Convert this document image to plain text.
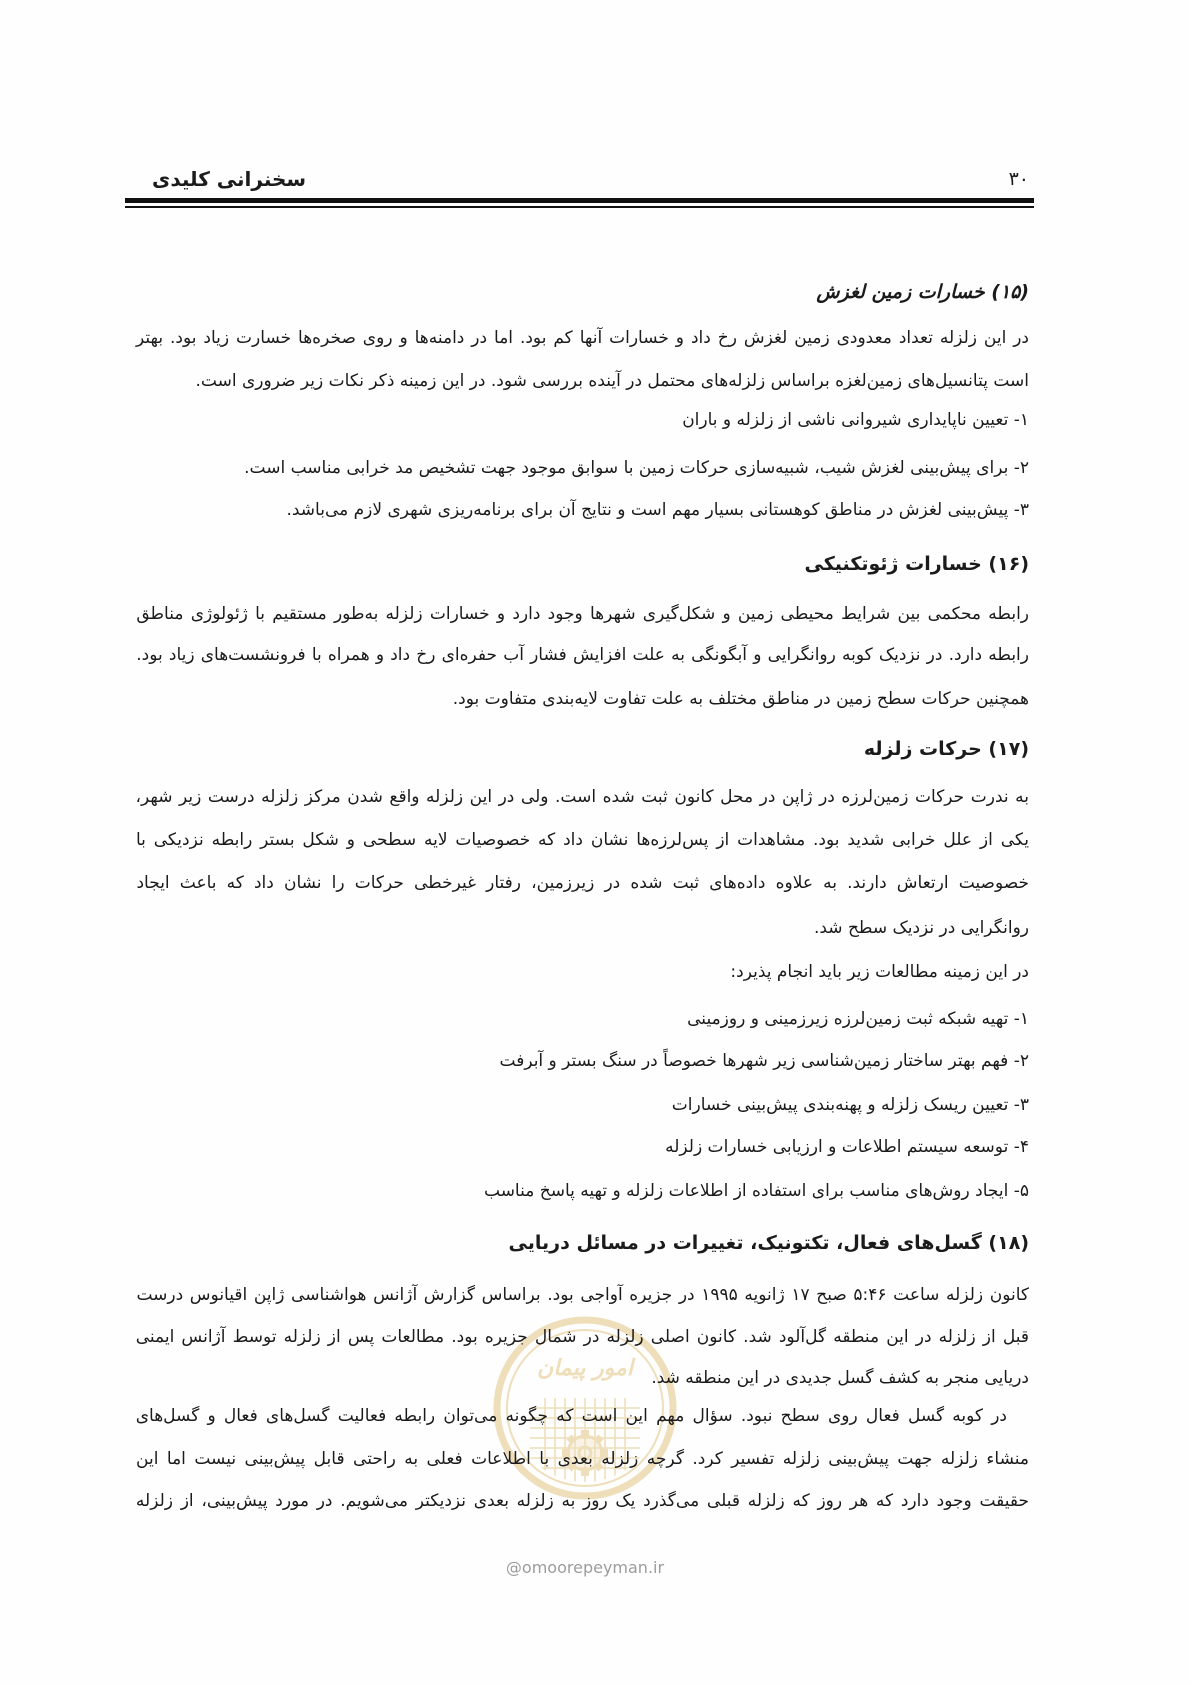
۳۰
سخنرانی کلیدی
امور پیمان
@omoorepeyman.ir
(۱۵) خسارات زمین لغزش
در این زلزله تعداد معدودی زمین لغزش رخ داد و خسارات آنها کم بود. اما در دامنه‌ها و روی صخره‌ها خسارت زیاد بود. بهتر
است پتانسیل‌های زمین‌لغزه براساس زلزله‌های محتمل در آینده بررسی شود. در این زمینه ذکر نکات زیر ضروری است.
۱- تعیین ناپایداری شیروانی ناشی از زلزله و باران
۲- برای پیش‌بینی لغزش شیب، شبیه‌سازی حرکات زمین با سوابق موجود جهت تشخیص مد خرابی مناسب است.
۳- پیش‌بینی لغزش در مناطق کوهستانی بسیار مهم است و نتایج آن برای برنامه‌ریزی شهری لازم می‌باشد.
(۱۶) خسارات ژئوتکنیکی
رابطه محکمی بین شرایط محیطی زمین و شکل‌گیری شهرها وجود دارد و خسارات زلزله به‌طور مستقیم با ژئولوژی مناطق
رابطه دارد. در نزدیک کوبه روانگرایی و آبگونگی به علت افزایش فشار آب حفره‌ای رخ داد و همراه با فرونشست‌های زیاد بود.
همچنین حرکات سطح زمین در مناطق مختلف به علت تفاوت لایه‌بندی متفاوت بود.
(۱۷) حرکات زلزله
به ندرت حرکات زمین‌لرزه در ژاپن در محل کانون ثبت شده است. ولی در این زلزله واقع شدن مرکز زلزله درست زیر شهر،
یکی از علل خرابی شدید بود. مشاهدات از پس‌لرزه‌ها نشان داد که خصوصیات لایه سطحی و شکل بستر رابطه نزدیکی با
خصوصیت ارتعاش دارند. به علاوه داده‌های ثبت شده در زیرزمین، رفتار غیرخطی حرکات را نشان داد که باعث ایجاد
روانگرایی در نزدیک سطح شد.
در این زمینه مطالعات زیر باید انجام پذیرد:
۱- تهیه شبکه ثبت زمین‌لرزه زیرزمینی و روزمینی
۲- فهم بهتر ساختار زمین‌شناسی زیر شهرها خصوصاً در سنگ بستر و آبرفت
۳- تعیین ریسک زلزله و پهنه‌بندی پیش‌بینی خسارات
۴- توسعه سیستم اطلاعات و ارزیابی خسارات زلزله
۵- ایجاد روش‌های مناسب برای استفاده از اطلاعات زلزله و تهیه پاسخ مناسب
(۱۸) گسل‌های فعال، تکتونیک، تغییرات در مسائل دریایی
کانون زلزله ساعت ۵:۴۶ صبح ۱۷ ژانویه ۱۹۹۵ در جزیره آواجی بود. براساس گزارش آژانس هواشناسی ژاپن اقیانوس درست
قبل از زلزله در این منطقه گل‌آلود شد. کانون اصلی زلزله در شمال جزیره بود. مطالعات پس از زلزله توسط آژانس ایمنی
دریایی منجر به کشف گسل جدیدی در این منطقه شد.
در کوبه گسل فعال روی سطح نبود. سؤال مهم این است که چگونه می‌توان رابطه فعالیت گسل‌های فعال و گسل‌های
منشاء زلزله جهت پیش‌بینی زلزله تفسیر کرد. گرچه زلزله بعدی با اطلاعات فعلی به راحتی قابل پیش‌بینی نیست اما این
حقیقت وجود دارد که هر روز که زلزله قبلی می‌گذرد یک روز به زلزله بعدی نزدیکتر می‌شویم. در مورد پیش‌بینی، از زلزله
